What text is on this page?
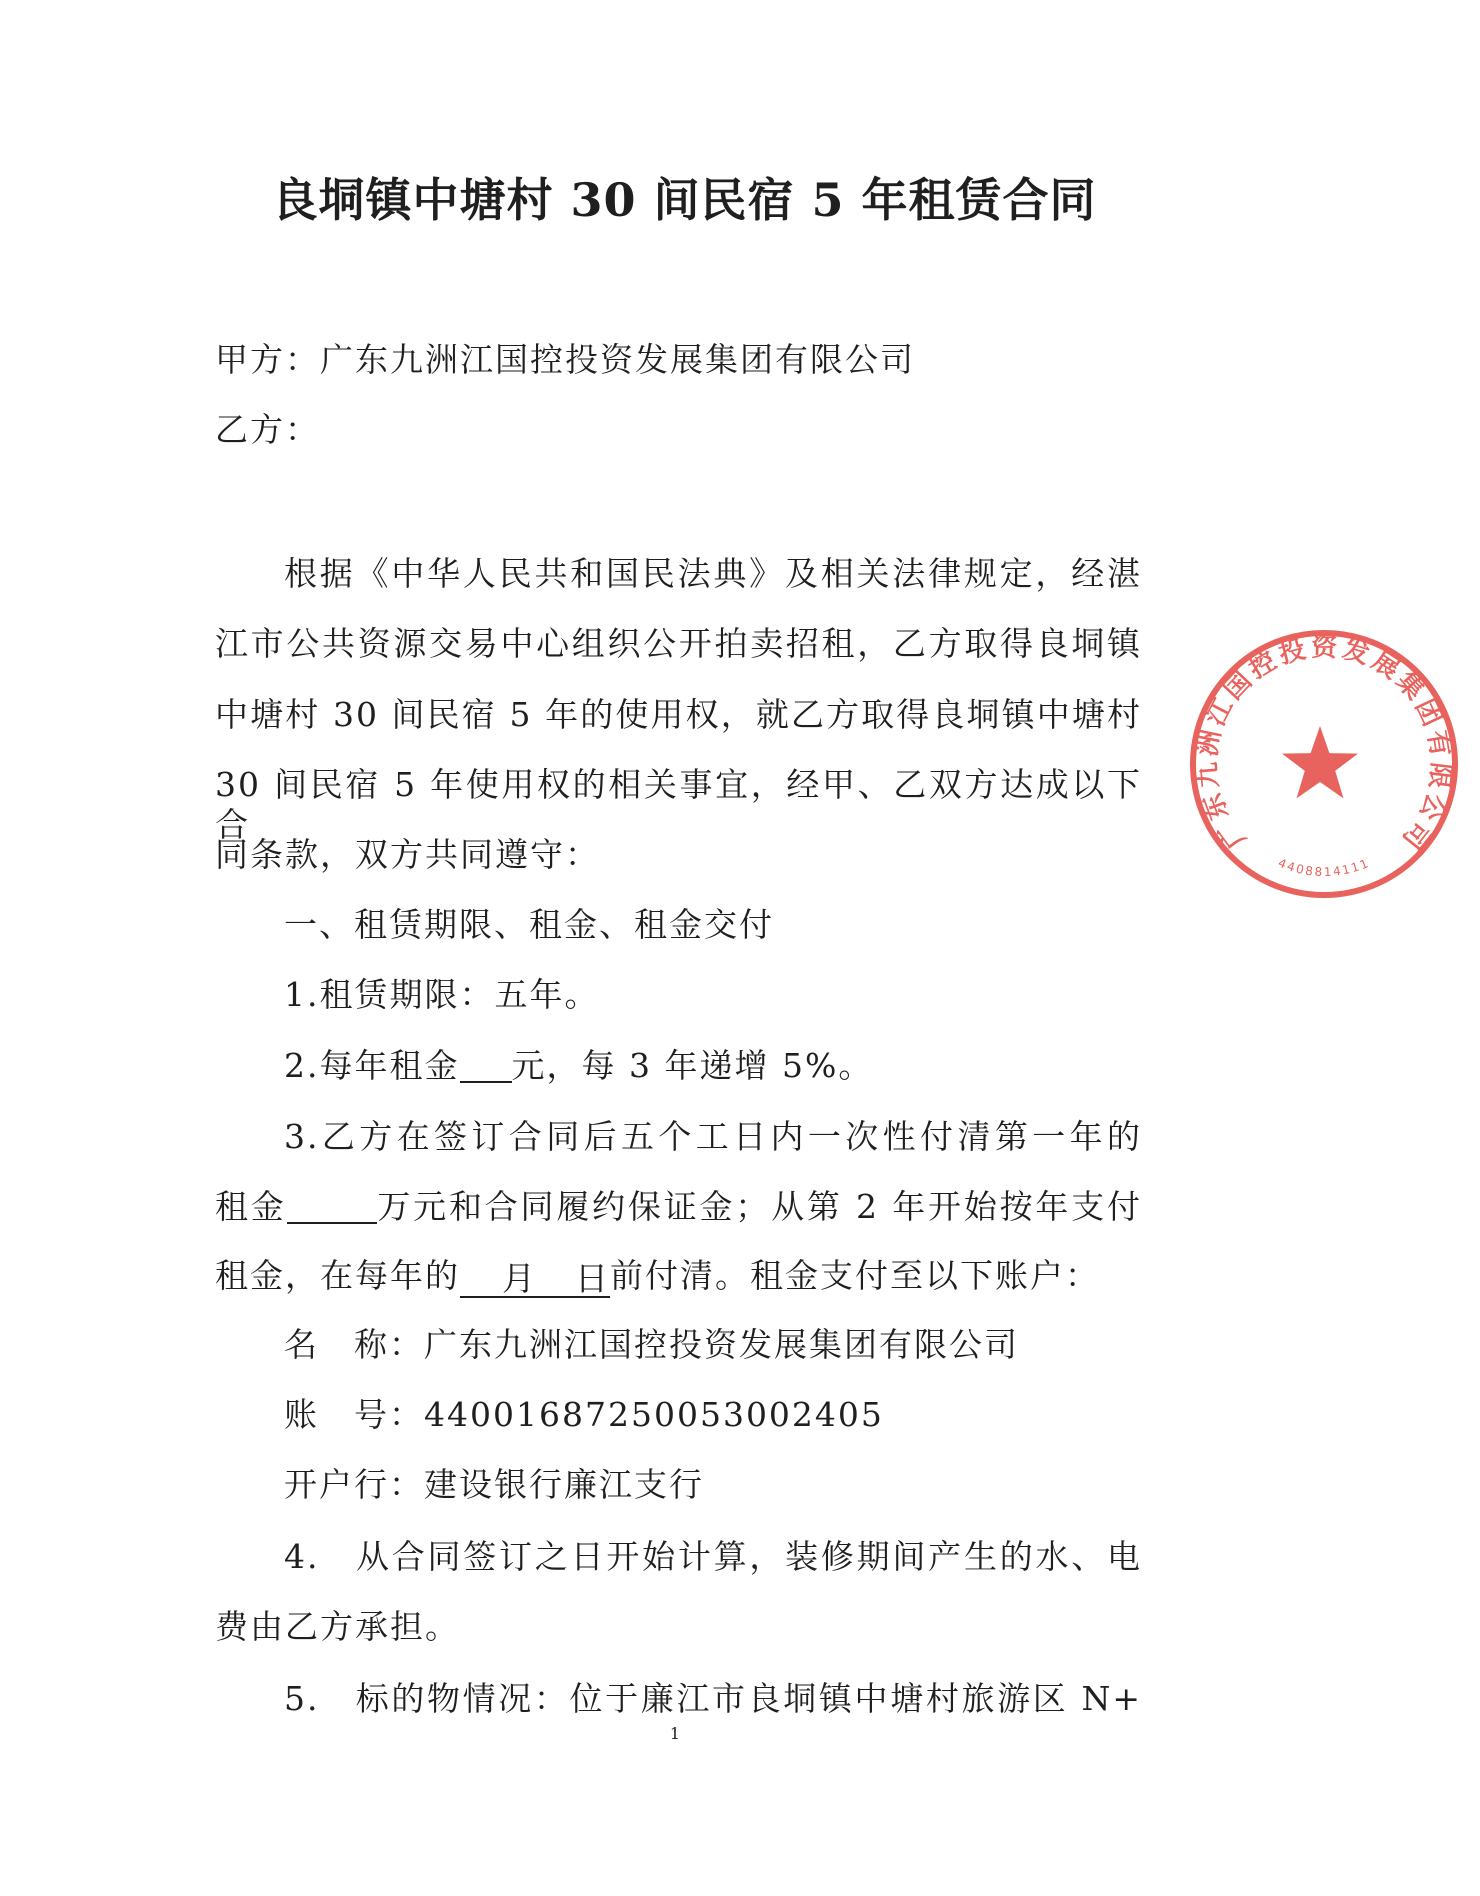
良垌镇中塘村 30 间民宿 5 年租赁合同
甲方：广东九洲江国控投资发展集团有限公司
乙方：
根据《中华人民共和国民法典》及相关法律规定，经湛
江市公共资源交易中心组织公开拍卖招租，乙方取得良垌镇
中塘村 30 间民宿 5 年的使用权，就乙方取得良垌镇中塘村
30 间民宿 5 年使用权的相关事宜，经甲、乙双方达成以下合
同条款，双方共同遵守：
一、租赁期限、租金、租金交付
1.租赁期限：五年。
2.每年租金 元，每 3 年递增 5%。
3.乙方在签订合同后五个工日内一次性付清第一年的
租金	万元和合同履约保证金；从第 2 年开始按年支付
租金，在每年的 月 日前付清。租金支付至以下账户：
名　称：广东九洲江国控投资发展集团有限公司
账　号：44001687250053002405
开户行：建设银行廉江支行
4.　从合同签订之日开始计算，装修期间产生的水、电
费由乙方承担。
5.　标的物情况：位于廉江市良垌镇中塘村旅游区 N+
1
广东九洲江国控投资发展集团有限公司
4408814111
